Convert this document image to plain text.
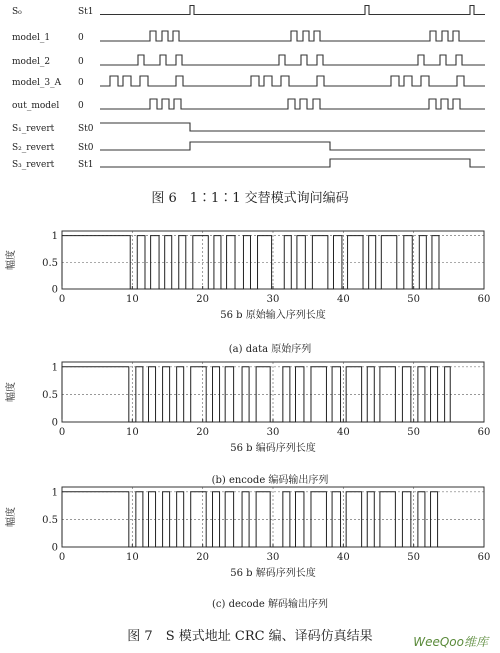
S₀	St1
model_1	0
model_2	0
model_3_A 0
out_model 0
S₁_revert	St0
S₂_revert	St0
S₃_revert	St1
图 6　1∶1∶1 交替模式询问编码
0	10	20	30	40	50	60
0
0.5
1
幅度
56 b 原始输入序列长度
(a) data 原始序列
0	10	20	30	40	50	60
0
0.5
1
幅度
56 b 编码序列长度
(b) encode 编码输出序列
0	10	20	30	40	50	60
0
0.5
1
幅度
56 b 解码序列长度
(c) decode 解码输出序列
图 7　S 模式地址 CRC 编、译码仿真结果	WeeQoo维库
